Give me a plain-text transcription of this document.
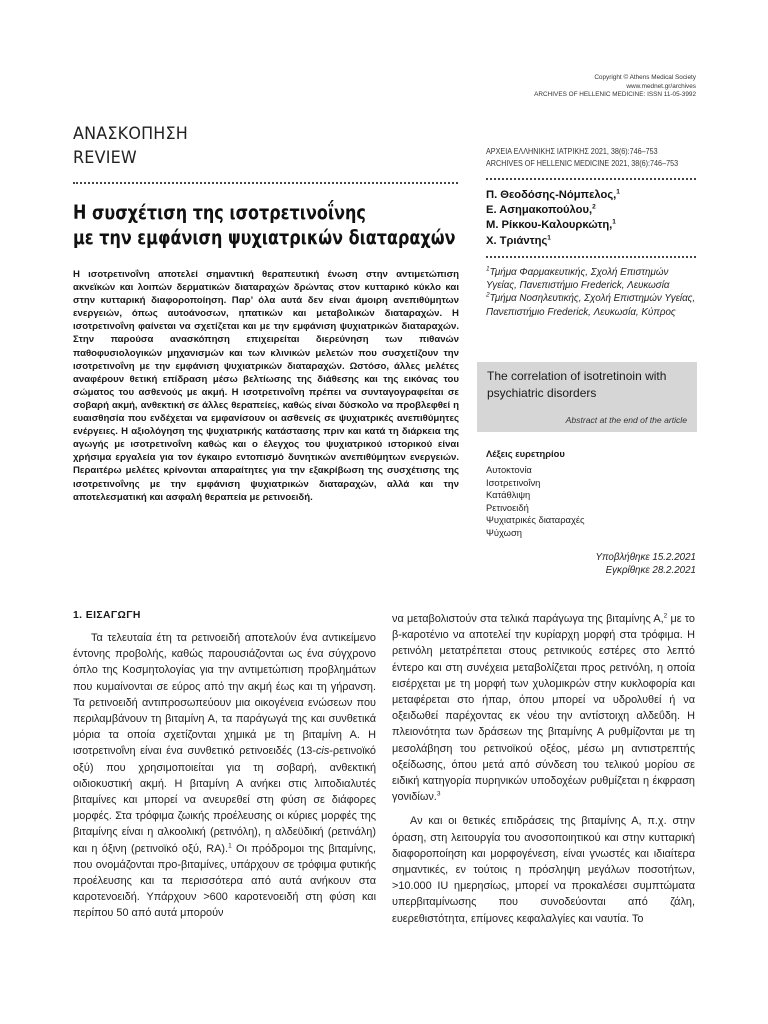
Copyright © Athens Medical Society
www.mednet.gr/archives
ARCHIVES OF HELLENIC MEDICINE: ISSN 11-05-3992
ΑΝΑΣΚΟΠΗΣΗ
REVIEW
Η συσχέτιση της ισοτρετινοΐνης
με την εμφάνιση ψυχιατρικών διαταραχών
Η ισοτρετινοΐνη αποτελεί σημαντική θεραπευτική ένωση στην αντιμετώπιση ακνεϊκών και λοιπών δερματικών διαταραχών δρώντας στον κυτταρικό κύκλο και στην κυτταρική διαφοροποίηση. Παρ’ όλα αυτά δεν είναι άμοιρη ανεπιθύμητων ενεργειών, όπως αυτοάνοσων, ηπατικών και μεταβολικών διαταραχών. Η ισοτρετινοΐνη φαίνεται να σχετίζεται και με την εμφάνιση ψυχιατρικών διαταραχών. Στην παρούσα ανασκόπηση επιχειρείται διερεύνηση των πιθανών παθοφυσιολογικών μηχανισμών και των κλινικών μελετών που συσχετίζουν την ισοτρετινοΐνη με την εμφάνιση ψυχιατρικών διαταραχών. Ωστόσο, άλλες μελέτες αναφέρουν θετική επίδραση μέσω βελτίωσης της διάθεσης και της εικόνας του σώματος του ασθενούς με ακμή. Η ισοτρετινοΐνη πρέπει να συνταγογραφείται σε σοβαρή ακμή, ανθεκτική σε άλλες θεραπείες, καθώς είναι δύσκολο να προβλεφθεί η ευαισθησία που ενδέχεται να εμφανίσουν οι ασθενείς σε ψυχιατρικές ανεπιθύμητες ενέργειες. Η αξιολόγηση της ψυχιατρικής κατάστασης πριν και κατά τη διάρκεια της αγωγής με ισοτρετινοΐνη καθώς και ο έλεγχος του ψυχιατρικού ιστορικού είναι χρήσιμα εργαλεία για τον έγκαιρο εντοπισμό δυνητικών ανεπιθύμητων ενεργειών. Περαιτέρω μελέτες κρίνονται απαραίτητες για την εξακρίβωση της συσχέτισης της ισοτρετινοΐνης με την εμφάνιση ψυχιατρικών διαταραχών, αλλά και την αποτελεσματική και ασφαλή θεραπεία με ρετινοειδή.
ΑΡΧΕΙΑ ΕΛΛΗΝΙΚΗΣ ΙΑΤΡΙΚΗΣ 2021, 38(6):746–753
ARCHIVES OF HELLENIC MEDICINE 2021, 38(6):746–753
Π. Θεοδόσης-Νόμπελος,$^1$
Ε. Ασημακοπούλου,$^2$
Μ. Ρίκκου-Καλουρκώτη,$^1$
Χ. Τριάντης$^1$

$^1$Τμήμα Φαρμακευτικής, Σχολή Επιστημών Υγείας, Πανεπιστήμιο Frederick, Λευκωσία

$^2$Τμήμα Νοσηλευτικής, Σχολή Επιστημών Υγείας, Πανεπιστήμιο Frederick, Λευκωσία, Κύπρος

The correlation of isotretinoin with psychiatric disorders
Abstract at the end of the article
Λέξεις ευρετηρίου
Αυτοκτονία
Ισοτρετινοΐνη
Κατάθλιψη
Ρετινοειδή
Ψυχιατρικές διαταραχές
Ψύχωση
Υποβλήθηκε 15.2.2021
Εγκρίθηκε 28.2.2021
1. ΕΙΣΑΓΩΓΗ

Τα τελευταία έτη τα ρετινοειδή αποτελούν ένα αντικείμενο έντονης προβολής, καθώς παρουσιάζονται ως ένα σύγχρονο όπλο της Κοσμητολογίας για την αντιμετώπιση προβλημάτων που κυμαίνονται σε εύρος από την ακμή έως και τη γήρανση. Τα ρετινοειδή αντιπροσωπεύουν μια οικογένεια ενώσεων που περιλαμβάνουν τη βιταμίνη Α, τα παράγωγά της και συνθετικά μόρια τα οποία σχετίζονται χημικά με τη βιταμίνη Α. Η ισοτρετινοΐνη είναι ένα συνθετικό ρετινοειδές (13-cis-ρετινοϊκό οξύ) που χρησιμοποιείται για τη σοβαρή, ανθεκτική οιδιοκυστική ακμή. Η βιταμίνη Α ανήκει στις λιποδιαλυτές βιταμίνες και μπορεί να ανευρεθεί στη φύση σε διάφορες μορφές. Στα τρόφιμα ζωικής προέλευσης οι κύριες μορφές της βιταμίνης είναι η αλκοολική (ρετινόλη), η αλδεϋδική (ρετινάλη) και η όξινη (ρετινοϊκό οξύ, RA).$^1$ Οι πρόδρομοι της βιταμίνης, που ονομάζονται προ-βιταμίνες, υπάρχουν σε τρόφιμα φυτικής προέλευσης και τα περισσότερα από αυτά ανήκουν στα καροτενοειδή. Υπάρχουν >600 καροτενοειδή στη φύση και περίπου 50 από αυτά μπορούν

να μεταβολιστούν στα τελικά παράγωγα της βιταμίνης Α,$^2$ με το β-καροτένιο να αποτελεί την κυρίαρχη μορφή στα τρόφιμα. Η ρετινόλη μετατρέπεται στους ρετινικούς εστέρες στο λεπτό έντερο και στη συνέχεια μεταβολίζεται προς ρετινόλη, η οποία εισέρχεται με τη μορφή των χυλομικρών στην κυκλοφορία και μεταφέρεται στο ήπαρ, όπου μπορεί να υδρολυθεί ή να οξειδωθεί παρέχοντας εκ νέου την αντίστοιχη αλδεΰδη. Η πλειονότητα των δράσεων της βιταμίνης Α ρυθμίζονται με τη μεσολάβηση του ρετινοϊκού οξέος, μέσω μη αντιστρεπτής οξείδωσης, όπου μετά από σύνδεση του τελικού μορίου σε ειδική κατηγορία πυρηνικών υποδοχέων ρυθμίζεται η έκφραση γονιδίων.$^3$

Αν και οι θετικές επιδράσεις της βιταμίνης Α, π.χ. στην όραση, στη λειτουργία του ανοσοποιητικού και στην κυτταρική διαφοροποίηση και μορφογένεση, είναι γνωστές και ιδιαίτερα σημαντικές, εν τούτοις η πρόσληψη μεγάλων ποσοτήτων, >10.000 IU ημερησίως, μπορεί να προκαλέσει συμπτώματα υπερβιταμίνωσης που συνοδεύονται από ζάλη, ευερεθιστότητα, επίμονες κεφαλαλγίες και ναυτία. Το
